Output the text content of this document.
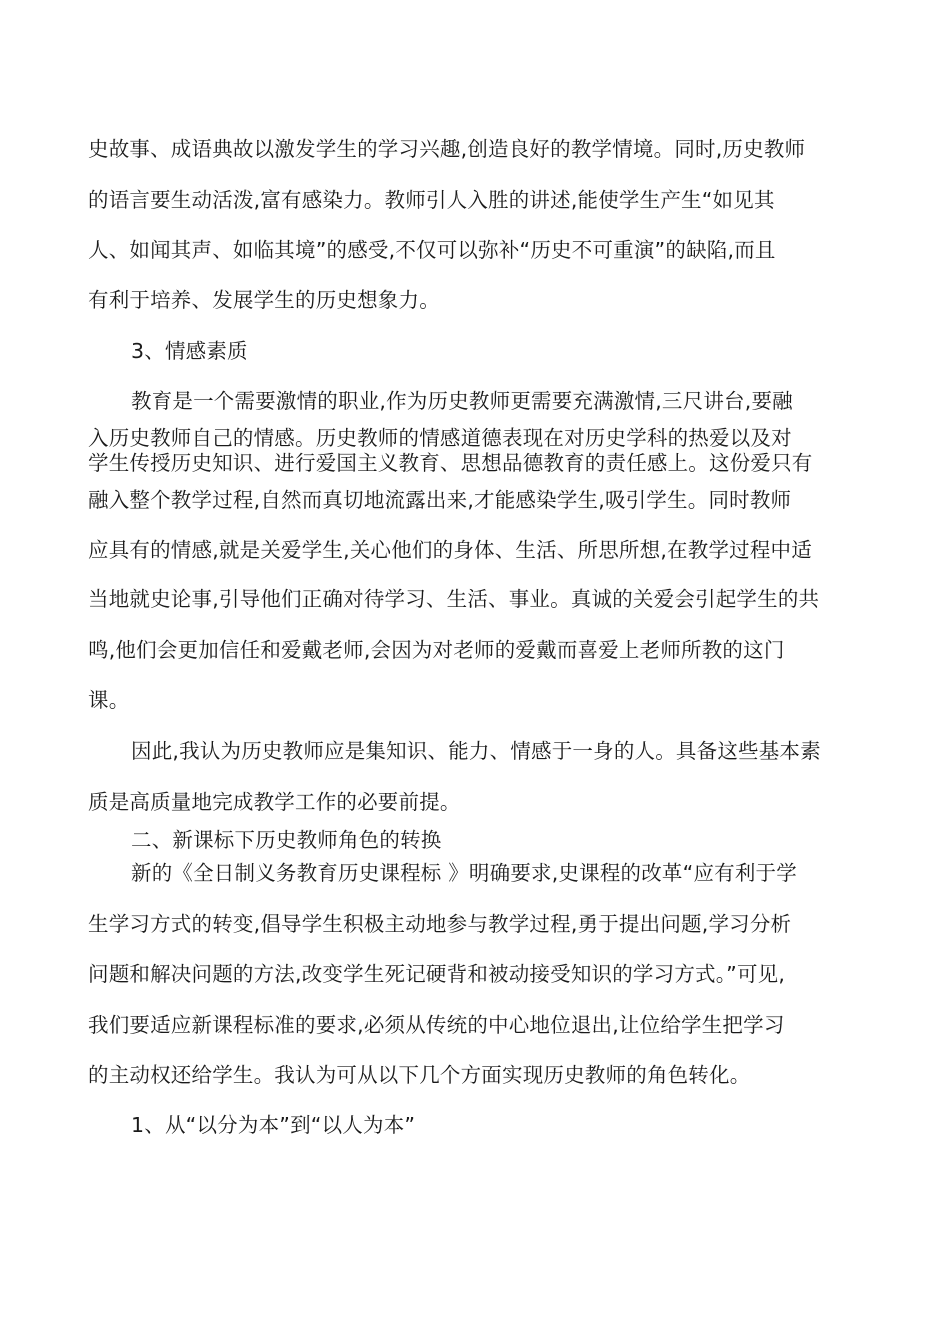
史故事、成语典故以激发学生的学习兴趣,创造良好的教学情境。同时,历史教师
的语言要生动活泼,富有感染力。教师引人入胜的讲述,能使学生产生“如见其
人、如闻其声、如临其境”的感受,不仅可以弥补“历史不可重演”的缺陷,而且
有利于培养、发展学生的历史想象力。
3、情感素质
教育是一个需要激情的职业,作为历史教师更需要充满激情,三尺讲台,要融
入历史教师自己的情感。历史教师的情感道德表现在对历史学科的热爱以及对
学生传授历史知识、进行爱国主义教育、思想品德教育的责任感上。这份爱只有
融入整个教学过程,自然而真切地流露出来,才能感染学生,吸引学生。同时教师
应具有的情感,就是关爱学生,关心他们的身体、生活、所思所想,在教学过程中适
当地就史论事,引导他们正确对待学习、生活、事业。真诚的关爱会引起学生的共
鸣,他们会更加信任和爱戴老师,会因为对老师的爱戴而喜爱上老师所教的这门
课。
因此,我认为历史教师应是集知识、能力、情感于一身的人。具备这些基本素
质是高质量地完成教学工作的必要前提。
二、新课标下历史教师角色的转换
新的《全日制义务教育历史课程标 》明确要求,史课程的改革“应有利于学
生学习方式的转变,倡导学生积极主动地参与教学过程,勇于提出问题,学习分析
问题和解决问题的方法,改变学生死记硬背和被动接受知识的学习方式。”可见,
我们要适应新课程标准的要求,必须从传统的中心地位退出,让位给学生把学习
的主动权还给学生。我认为可从以下几个方面实现历史教师的角色转化。
1、从“以分为本”到“以人为本”
